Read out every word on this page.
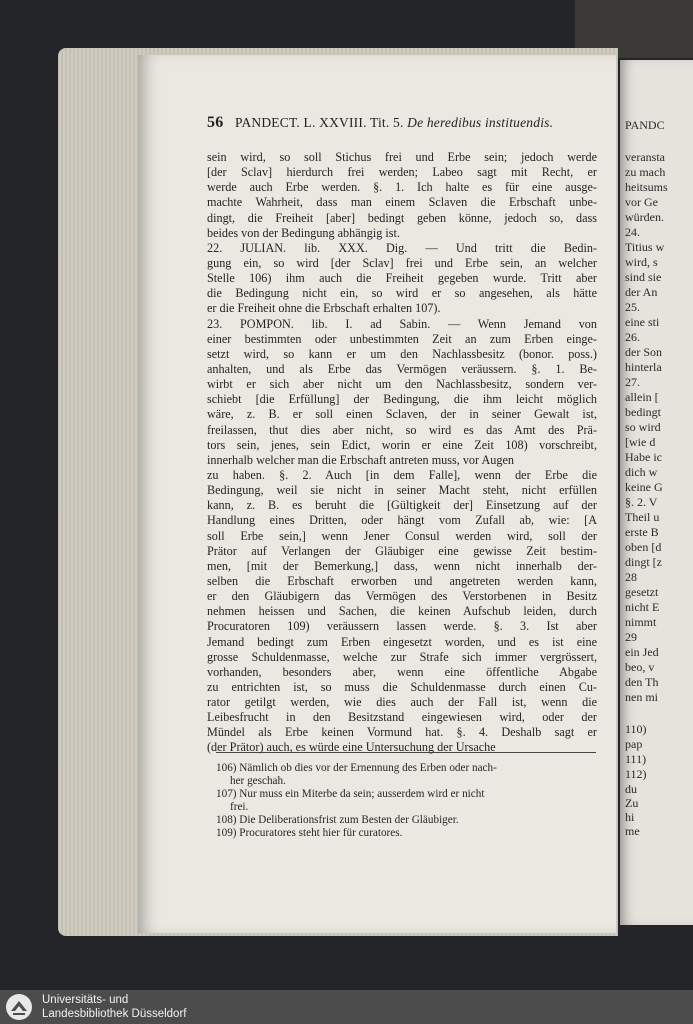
PANDC
veransta
zu mach
heitsums
vor Ge
würden.
24.
Titius w
wird, s
sind sie
der An
25.
eine sti
26.
der Son
hinterla
27.
allein [
bedingt
so wird
[wie d
Habe ic
dich w
keine G
§. 2. V
Theil u
erste B
oben [d
dingt [z
28
gesetzt
nicht E
nimmt
29
ein Jed
beo, v
den Th
nen mi
110)
pap
111)
112)
du
Zu
hi
me
56 PANDECT. L. XXVIII. Tit. 5. De heredibus instituendis.
sein wird, so soll Stichus frei und Erbe sein; jedoch werde
[der Sclav] hierdurch frei werden; Labeo sagt mit Recht, er
werde auch Erbe werden. §. 1. Ich halte es für eine ausge-
machte Wahrheit, dass man einem Sclaven die Erbschaft unbe-
dingt, die Freiheit [aber] bedingt geben könne, jedoch so, dass
beides von der Bedingung abhängig ist.
22. JULIAN. lib. XXX. Dig. — Und tritt die Bedin-
gung ein, so wird [der Sclav] frei und Erbe sein, an welcher
Stelle 106) ihm auch die Freiheit gegeben wurde. Tritt aber
die Bedingung nicht ein, so wird er so angesehen, als hätte
er die Freiheit ohne die Erbschaft erhalten 107).
23. POMPON. lib. I. ad Sabin. — Wenn Jemand von
einer bestimmten oder unbestimmten Zeit an zum Erben einge-
setzt wird, so kann er um den Nachlassbesitz (bonor. poss.)
anhalten, und als Erbe das Vermögen veräussern. §. 1. Be-
wirbt er sich aber nicht um den Nachlassbesitz, sondern ver-
schiebt [die Erfüllung] der Bedingung, die ihm leicht möglich
wäre, z. B. er soll einen Sclaven, der in seiner Gewalt ist,
freilassen, thut dies aber nicht, so wird es das Amt des Prä-
tors sein, jenes, sein Edict, worin er eine Zeit 108) vorschreibt,
innerhalb welcher man die Erbschaft antreten muss, vor Augen
zu haben. §. 2. Auch [in dem Falle], wenn der Erbe die
Bedingung, weil sie nicht in seiner Macht steht, nicht erfüllen
kann, z. B. es beruht die [Gültigkeit der] Einsetzung auf der
Handlung eines Dritten, oder hängt vom Zufall ab, wie: [A
soll Erbe sein,] wenn Jener Consul werden wird, soll der
Prätor auf Verlangen der Gläubiger eine gewisse Zeit bestim-
men, [mit der Bemerkung,] dass, wenn nicht innerhalb der-
selben die Erbschaft erworben und angetreten werden kann,
er den Gläubigern das Vermögen des Verstorbenen in Besitz
nehmen heissen und Sachen, die keinen Aufschub leiden, durch
Procuratoren 109) veräussern lassen werde. §. 3. Ist aber
Jemand bedingt zum Erben eingesetzt worden, und es ist eine
grosse Schuldenmasse, welche zur Strafe sich immer vergrössert,
vorhanden, besonders aber, wenn eine öffentliche Abgabe
zu entrichten ist, so muss die Schuldenmasse durch einen Cu-
rator getilgt werden, wie dies auch der Fall ist, wenn die
Leibesfrucht in den Besitzstand eingewiesen wird, oder der
Mündel als Erbe keinen Vormund hat. §. 4. Deshalb sagt er
(der Prätor) auch, es würde eine Untersuchung der Ursache
106) Nämlich ob dies vor der Ernennung des Erben oder nach-
her geschah.
107) Nur muss ein Miterbe da sein; ausserdem wird er nicht
frei.
108) Die Deliberationsfrist zum Besten der Gläubiger.
109) Procuratores steht hier für curatores.
Universitäts- und
Landesbibliothek Düsseldorf
